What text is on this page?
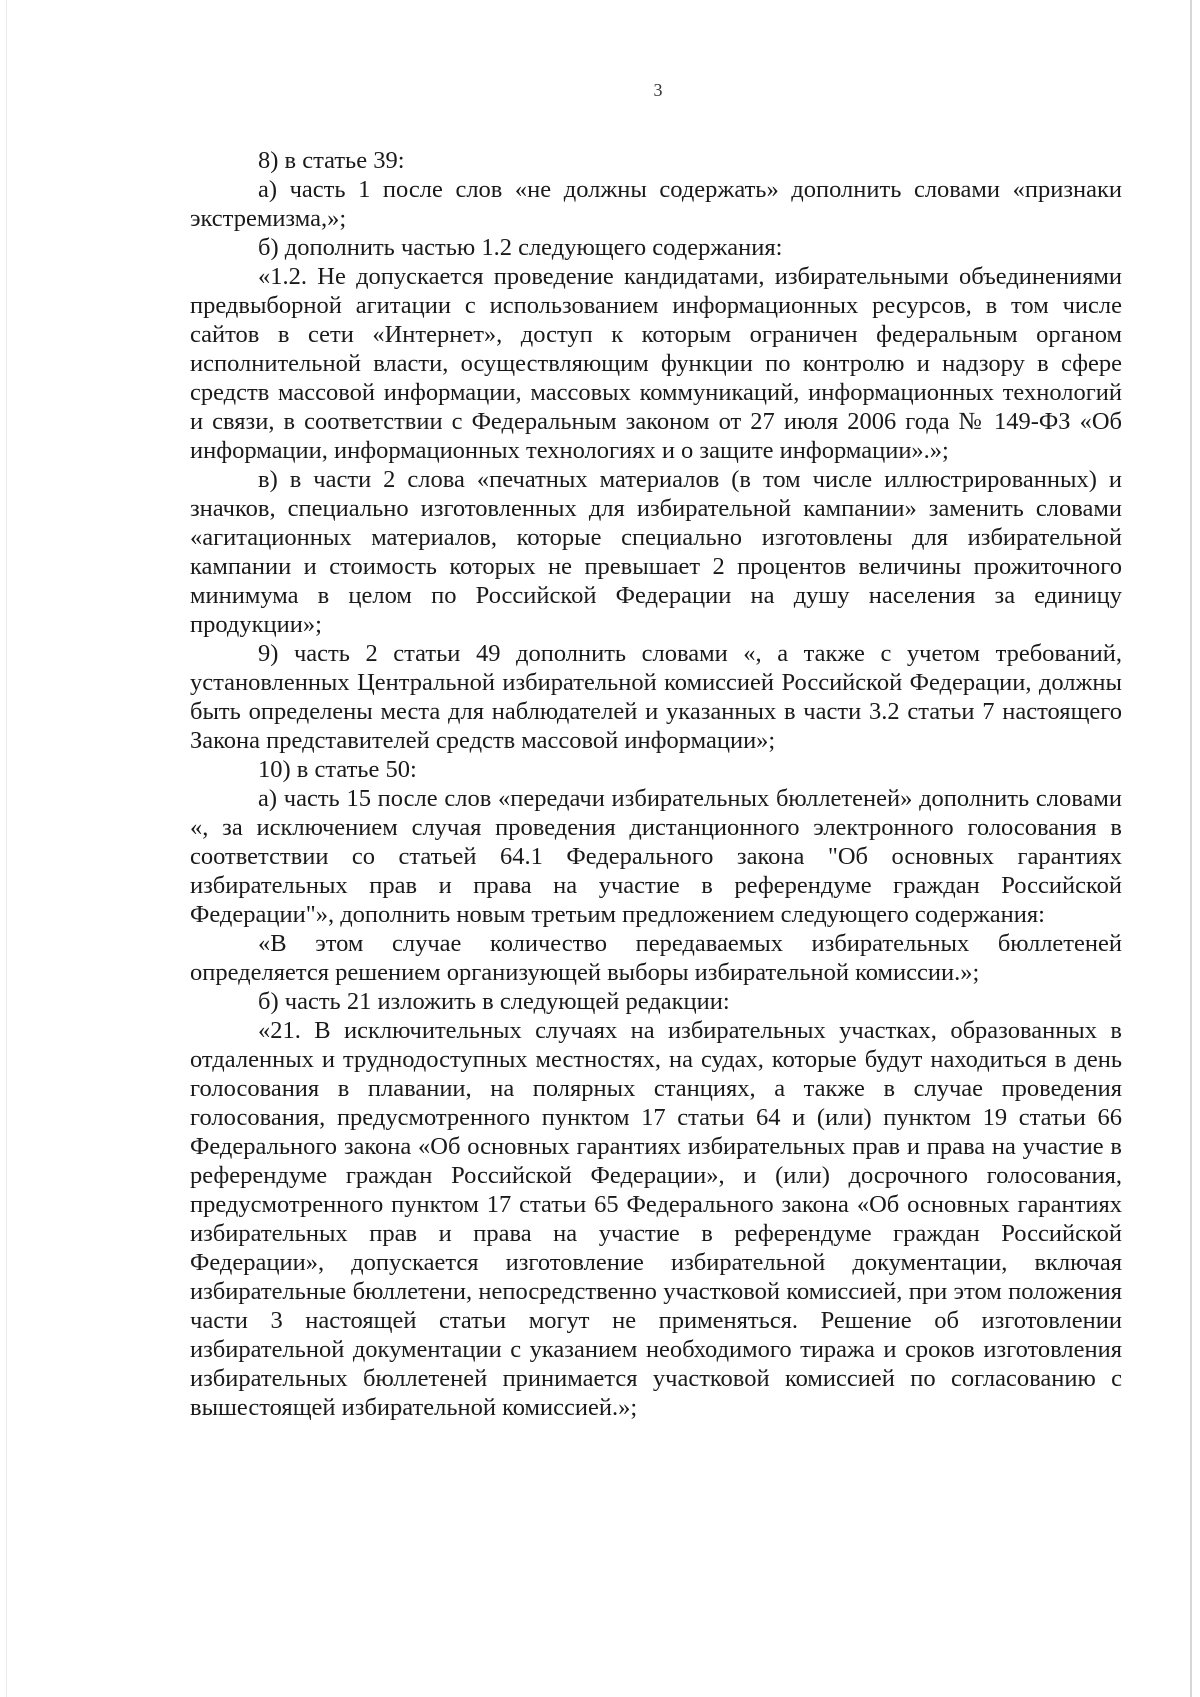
3

8) в статье 39:

а) часть 1 после слов «не должны содержать» дополнить словами «признаки экстремизма,»;

б) дополнить частью 1.2 следующего содержания:

«1.2. Не допускается проведение кандидатами, избирательными объединениями предвыборной агитации с использованием информационных ресурсов, в том числе сайтов в сети «Интернет», доступ к которым ограничен федеральным органом исполнительной власти, осуществляющим функции по контролю и надзору в сфере средств массовой информации, массовых коммуникаций, информационных технологий и связи, в соответствии с Федеральным законом от 27 июля 2006 года № 149-ФЗ «Об информации, информационных технологиях и о защите информации».»;

в) в части 2 слова «печатных материалов (в том числе иллюстрированных) и значков, специально изготовленных для избирательной кампании» заменить словами «агитационных материалов, которые специально изготовлены для избирательной кампании и стоимость которых не превышает 2 процентов величины прожиточного минимума в целом по Российской Федерации на душу населения за единицу продукции»;

9) часть 2 статьи 49 дополнить словами «, а также с учетом требований, установленных Центральной избирательной комиссией Российской Федерации, должны быть определены места для наблюдателей и указанных в части 3.2 статьи 7 настоящего Закона представителей средств массовой информации»;

10) в статье 50:

а) часть 15 после слов «передачи избирательных бюллетеней» дополнить словами «, за исключением случая проведения дистанционного электронного голосования в соответствии со статьей 64.1 Федерального закона "Об основных гарантиях избирательных прав и права на участие в референдуме граждан Российской Федерации"», дополнить новым третьим предложением следующего содержания:

«В этом случае количество передаваемых избирательных бюллетеней определяется решением организующей выборы избирательной комиссии.»;

б) часть 21 изложить в следующей редакции:

«21. В исключительных случаях на избирательных участках, образованных в отдаленных и труднодоступных местностях, на судах, которые будут находиться в день голосования в плавании, на полярных станциях, а также в случае проведения голосования, предусмотренного пунктом 17 статьи 64 и (или) пунктом 19 статьи 66 Федерального закона «Об основных гарантиях избирательных прав и права на участие в референдуме граждан Российской Федерации», и (или) досрочного голосования, предусмотренного пунктом 17 статьи 65 Федерального закона «Об основных гарантиях избирательных прав и права на участие в референдуме граждан Российской Федерации», допускается изготовление избирательной документации, включая избирательные бюллетени, непосредственно участковой комиссией, при этом положения части 3 настоящей статьи могут не применяться. Решение об изготовлении избирательной документации с указанием необходимого тиража и сроков изготовления избирательных бюллетеней принимается участковой комиссией по согласованию с вышестоящей избирательной комиссией.»;
